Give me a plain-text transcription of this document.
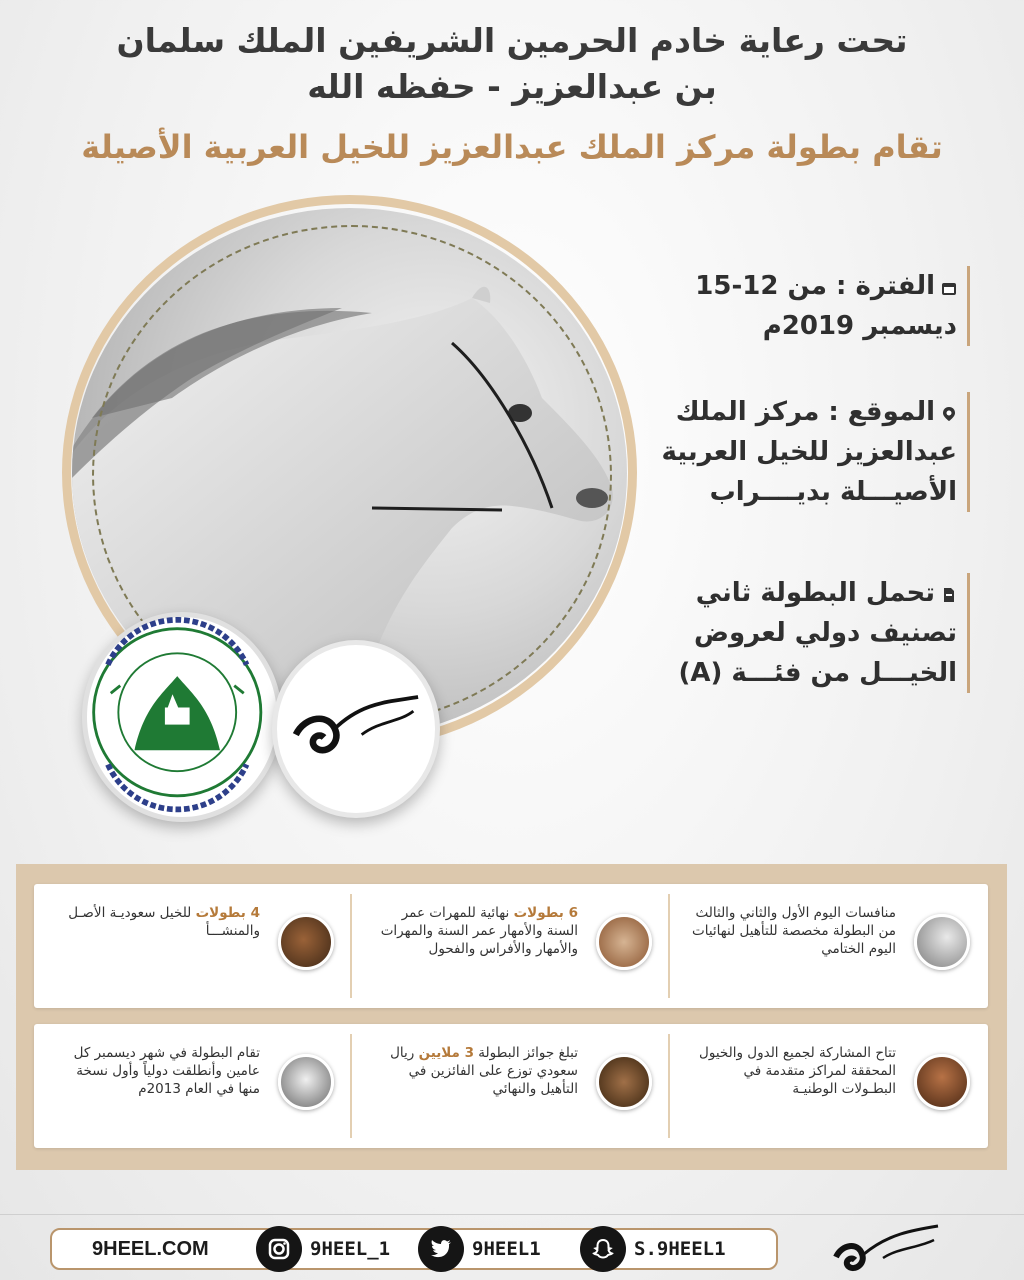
تحت رعاية خادم الحرمين الشريفين الملك سلمان
بن عبدالعزيز - حفظه الله
تقام بطولة مركز الملك عبدالعزيز للخيل العربية الأصيلة
الفترة : من 12-15
ديسمبر 2019م
الموقع : مركز الملك
عبدالعزيز للخيل العربية
الأصيـــلة بديــــراب
تحمل البطولة ثاني
تصنيف دولي لعروض
الخيـــل من فئـــة (A)
منافسات اليوم الأول والثاني والثالث من البطولة مخصصة للتأهيل لنهائيات اليوم الختامي
6 بطولات نهائية للمهرات عمر السنة والأمهار عمر السنة والمهرات والأمهار والأفراس والفحول
4 بطولات للخيل سعوديـة الأصـل والمنشـــأ
تتاح المشاركة لجميع الدول والخيول المحققة لمراكز متقدمة في البطـولات الوطنيـة
تبلغ جوائز البطولة 3 ملايين ريال سعودي توزع على الفائزين في التأهيل والنهائي
تقام البطولة في شهر ديسمبر كل عامين وأنطلقت دولياً وأول نسخة منها في العام 2013م
9HEEL.COM	9HEEL_1	9HEEL1	S.9HEEL1
